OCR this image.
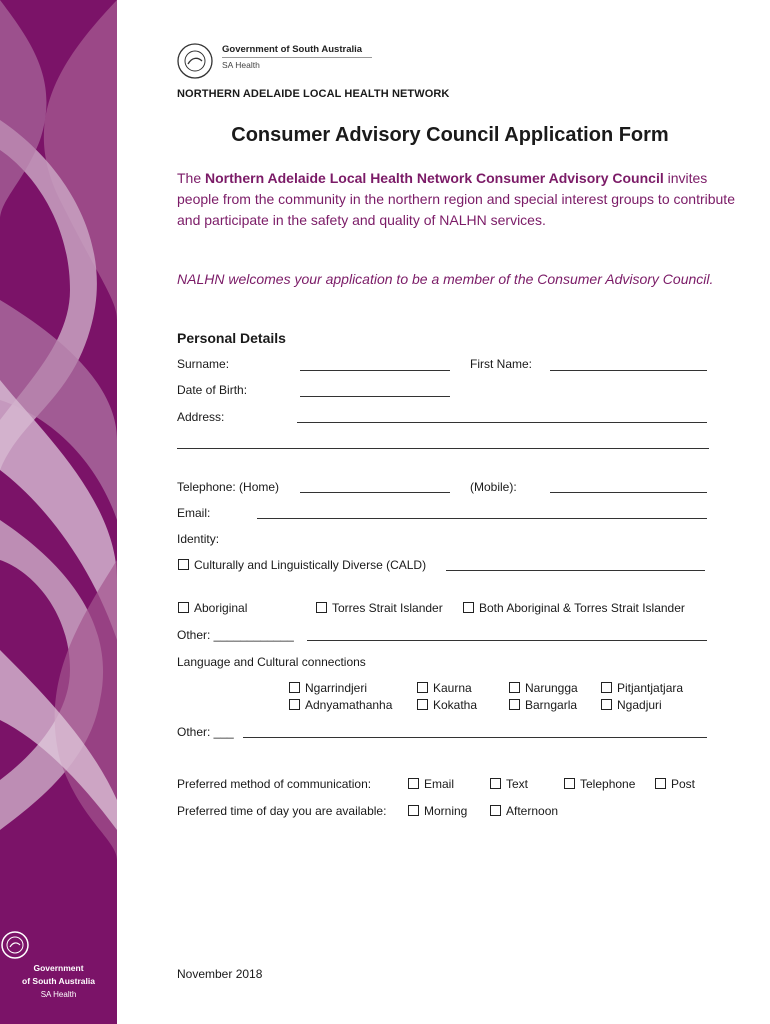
Government
of South Australia
SA Health
Government of South Australia
SA Health
NORTHERN ADELAIDE LOCAL HEALTH NETWORK
Consumer Advisory Council Application Form
The Northern Adelaide Local Health Network Consumer Advisory Council invites people from the community in the northern region and special interest groups to contribute and participate in the safety and quality of NALHN services.
NALHN welcomes your application to be a member of the Consumer Advisory Council.
Personal Details
Surname:	First Name:
Date of Birth:
Address:
Telephone: (Home)	(Mobile):
Email:
Identity:
Culturally and Linguistically Diverse (CALD)
Aboriginal	Torres Strait Islander	Both Aboriginal & Torres Strait Islander
Other: ____________
Language and Cultural connections
Ngarrindjeri	Kaurna	Narungga	Pitjantjatjara
Adnyamathanha	Kokatha	Barngarla	Ngadjuri
Other: ___
Preferred method of communication:	Email	Text	Telephone	Post
Preferred time of day you are available:	Morning	Afternoon
November 2018
